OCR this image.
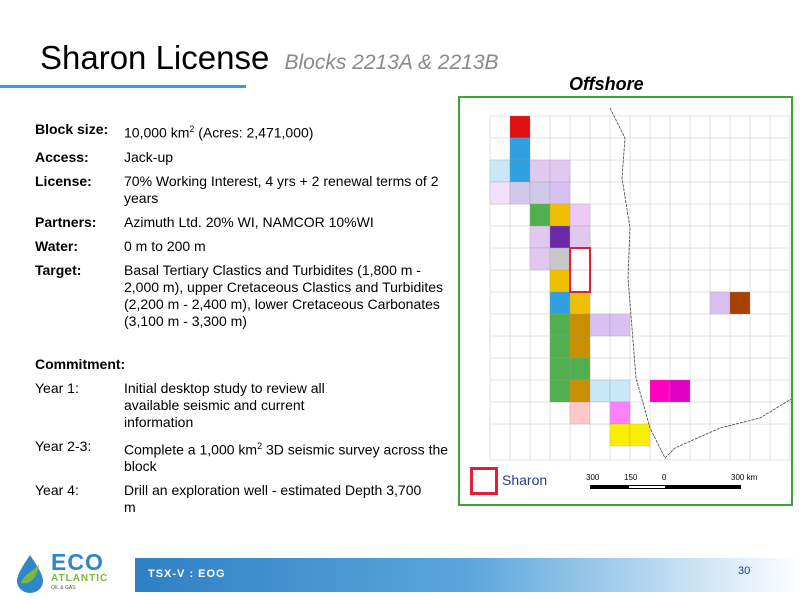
Sharon License Blocks 2213A & 2213B
Block size:	10,000 $km^2$ (Acres: 2,471,000)
Access:	Jack-up
License:	70% Working Interest, 4 yrs + 2 renewal terms of 2 years
Partners:	Azimuth Ltd. 20% WI, NAMCOR 10%WI
Water:	0 m to 200 m
Target:	Basal Tertiary Clastics and Turbidites (1,800 m - 2,000 m), upper Cretaceous Clastics and Turbidites (2,200 m - 2,400 m), lower Cretaceous Carbonates (3,100 m - 3,300 m)
Commitment:
Year 1:	Initial desktop study to review all available seismic and current information
Year 2-3:	Complete a 1,000 $km^2$ 3D seismic survey across the block
Year 4:	Drill an exploration well - estimated Depth 3,700 m
Offshore
Sharon	300	150	0	300 km
ECO
ATLANTIC
OIL & GAS
TSX-V : EOG	30
